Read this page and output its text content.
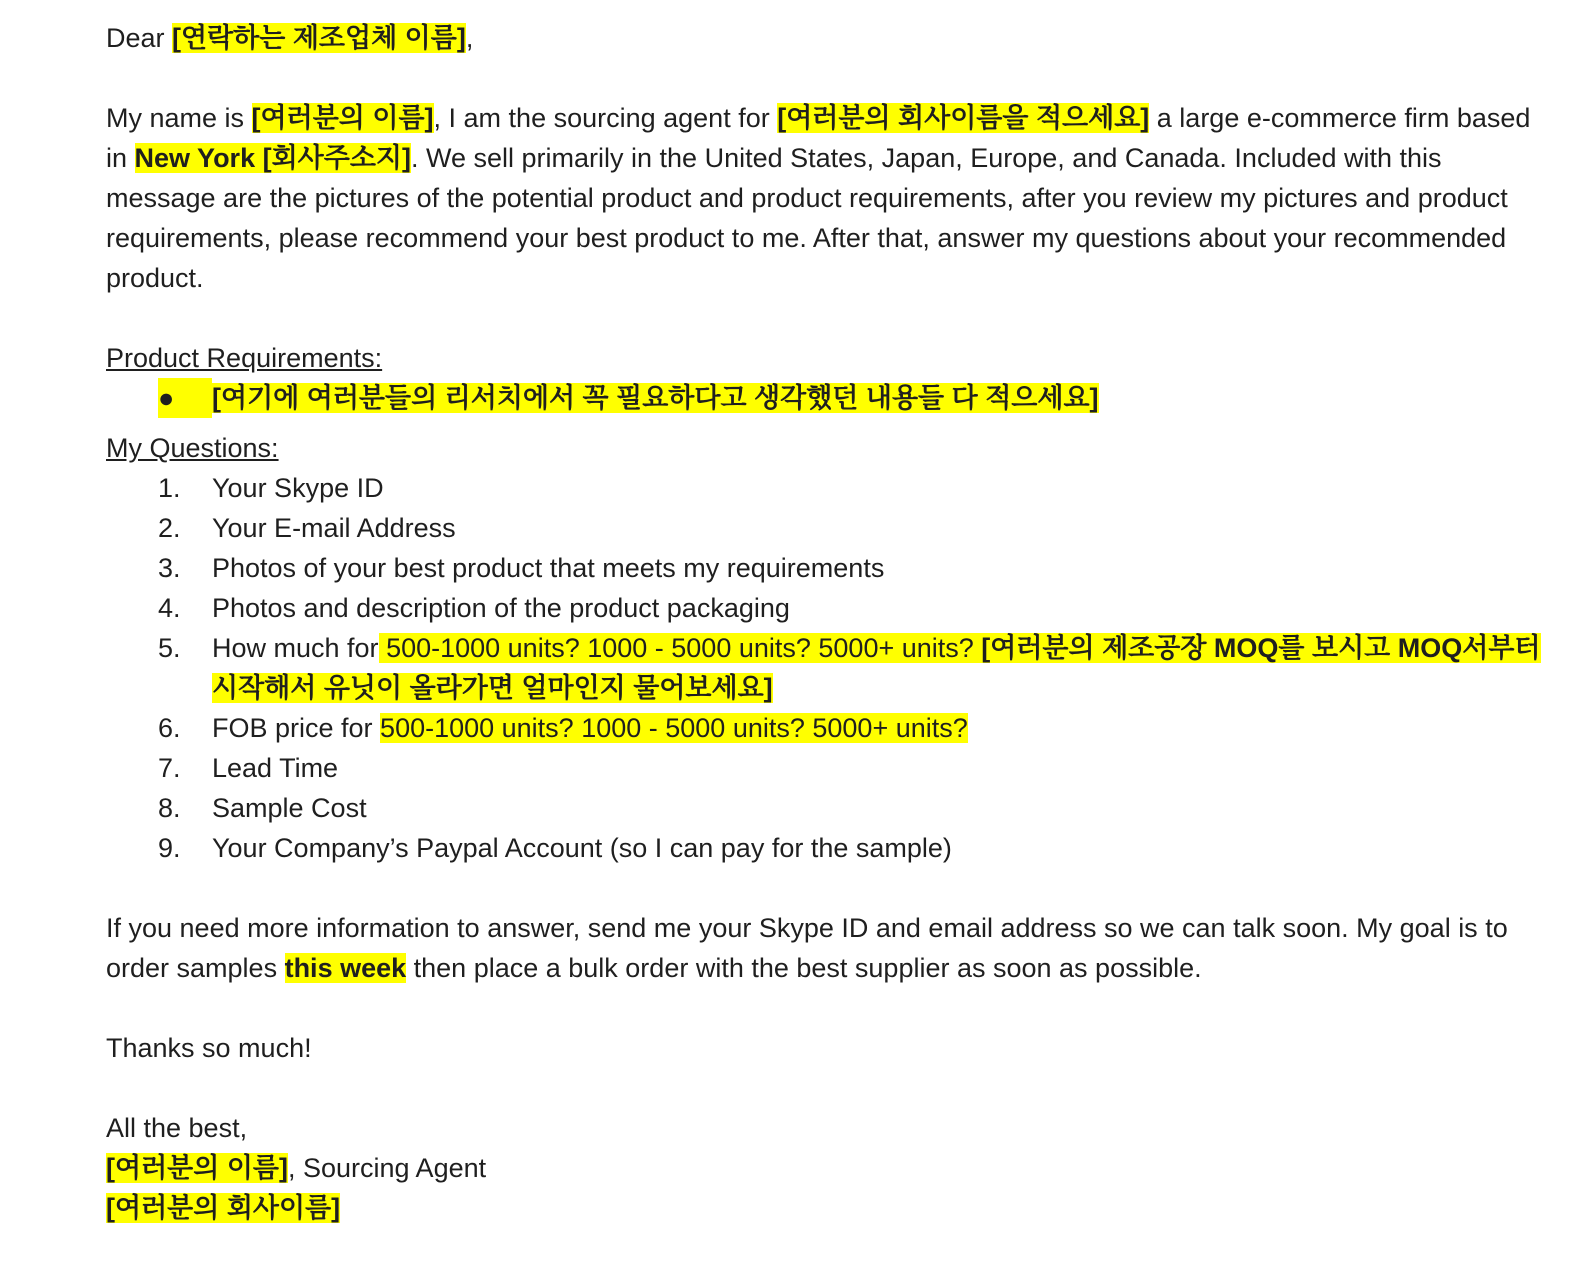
Dear [연락하는 제조업체 이름],

My name is [여러분의 이름], I am the sourcing agent for [여러분의 회사이름을 적으세요] a large e-commerce firm based in New York [회사주소지]. We sell primarily in the United States, Japan, Europe, and Canada. Included with this message are the pictures of the potential product and product requirements, after you review my pictures and product requirements, please recommend your best product to me. After that, answer my questions about your recommended product.

Product Requirements:

●	[여기에 여러분들의 리서치에서 꼭 필요하다고 생각했던 내용들 다 적으세요]

My Questions:

1.	Your Skype ID
2.	Your E-mail Address
3.	Photos of your best product that meets my requirements
4.	Photos and description of the product packaging
5.	How much for 500-1000 units? 1000 - 5000 units? 5000+ units? [여러분의 제조공장 MOQ를 보시고 MOQ서부터 시작해서 유닛이 올라가면 얼마인지 물어보세요]
6.	FOB price for 500-1000 units? 1000 - 5000 units? 5000+ units?
7.	Lead Time
8.	Sample Cost
9.	Your Company’s Paypal Account (so I can pay for the sample)

If you need more information to answer, send me your Skype ID and email address so we can talk soon. My goal is to order samples this week then place a bulk order with the best supplier as soon as possible.

Thanks so much!

All the best,

[여러분의 이름], Sourcing Agent

[여러분의 회사이름]
